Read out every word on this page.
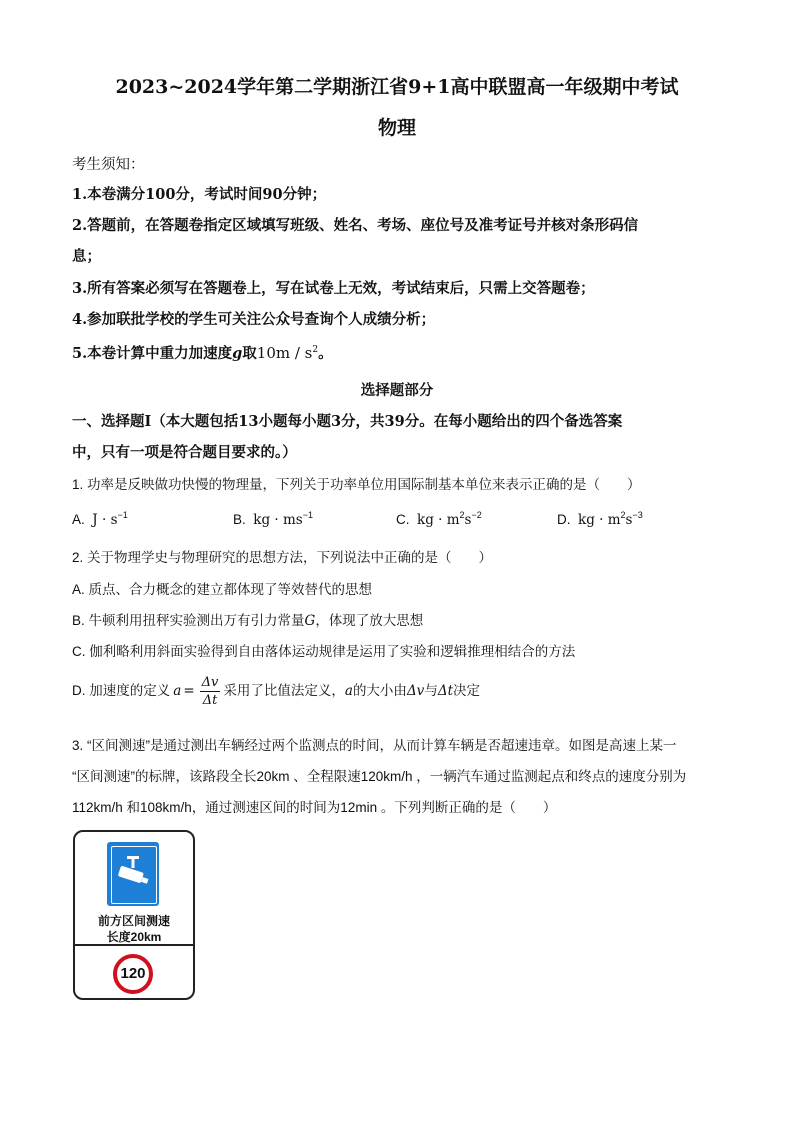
2023~2024学年第二学期浙江省9+1高中联盟高一年级期中考试
物理
考生须知：
1.本卷满分100分，考试时间90分钟；
2.答题前，在答题卷指定区域填写班级、姓名、考场、座位号及准考证号并核对条形码信
息；
3.所有答案必须写在答题卷上，写在试卷上无效，考试结束后，只需上交答题卷；
4.参加联批学校的学生可关注公众号查询个人成绩分析；
5.本卷计算中重力加速度g取$10m / s^2$。
选择题部分
一、选择题Ⅰ（本大题包括13小题每小题3分，共39分。在每小题给出的四个备选答案
中，只有一项是符合题目要求的。）
1. 功率是反映做功快慢的物理量，下列关于功率单位用国际制基本单位来表示正确的是（　　）
A. $J \cdot s^{-1}$	B. kg · $ms^{-1}$	C. kg · $m^2s^{-2}$	D. kg · $m^2s^{-3}$
2. 关于物理学史与物理研究的思想方法，下列说法中正确的是（　　）
A. 质点、合力概念的建立都体现了等效替代的思想
B. 牛顿利用扭秤实验测出万有引力常量G，体现了放大思想
C. 伽利略利用斜面实验得到自由落体运动规律是运用了实验和逻辑推理相结合的方法
D. 加速度的定义 $a = \frac{\Delta v}{\Delta t}$ 采用了比值法定义，a的大小由Δv与Δt决定
3. “区间测速”是通过测出车辆经过两个监测点的时间，从而计算车辆是否超速违章。如图是高速上某一
“区间测速”的标牌，该路段全长20km 、全程限速120km/h ，一辆汽车通过监测起点和终点的速度分别为
112km/h 和108km/h，通过测速区间的时间为12min 。下列判断正确的是（　　）
前方区间测速
长度20km
120
